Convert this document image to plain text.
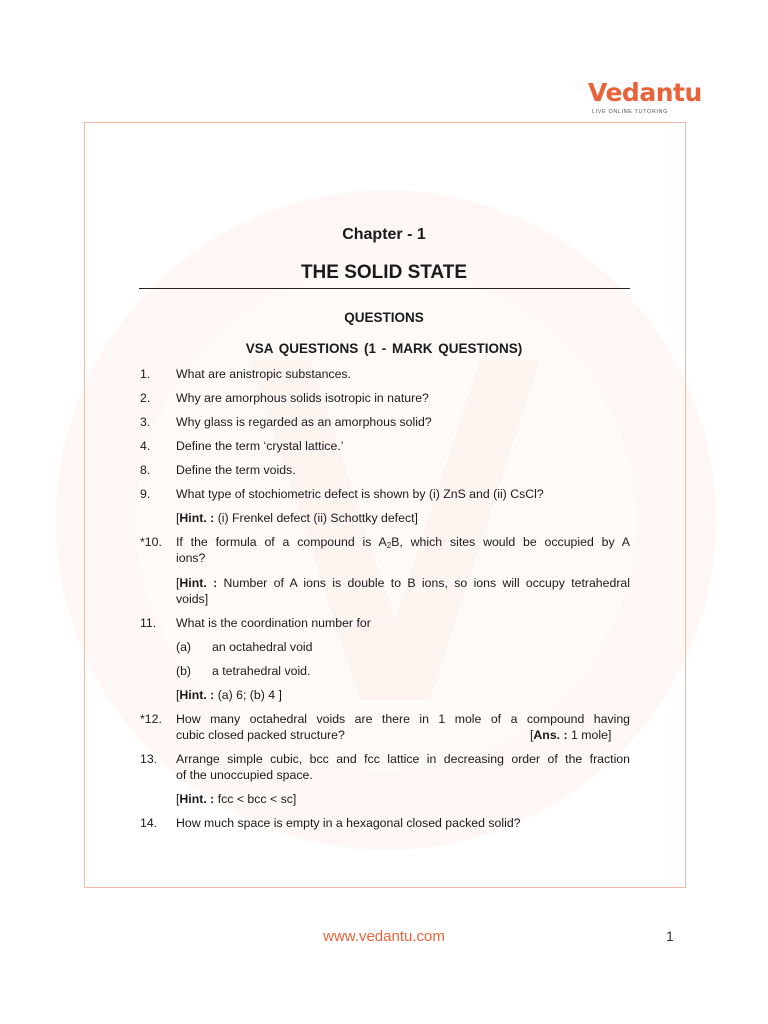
Vedantu
LIVE ONLINE TUTORING
Chapter - 1
THE SOLID STATE
QUESTIONS
VSA QUESTIONS (1 - MARK QUESTIONS)
1. What are anistropic substances.
2. Why are amorphous solids isotropic in nature?
3. Why glass is regarded as an amorphous solid?
4. Define the term ‘crystal lattice.’
8. Define the term voids.
9. What type of stochiometric defect is shown by (i) ZnS and (ii) CsCl?
[Hint. : (i) Frenkel defect (ii) Schottky defect]
*10. If the formula of a compound is $A_2B$, which sites would be occupied by A
ions?
[Hint. : Number of A ions is double to B ions, so ions will occupy tetrahedral
voids]
11. What is the coordination number for
(a) an octahedral void
(b) a tetrahedral void.
[Hint. : (a) 6; (b) 4 ]
*12. How many octahedral voids are there in 1 mole of a compound having
cubic closed packed structure?	[Ans. : 1 mole]
13. Arrange simple cubic, bcc and fcc lattice in decreasing order of the fraction
of the unoccupied space.
[Hint. : fcc < bcc < sc]
14. How much space is empty in a hexagonal closed packed solid?
www.vedantu.com	1
